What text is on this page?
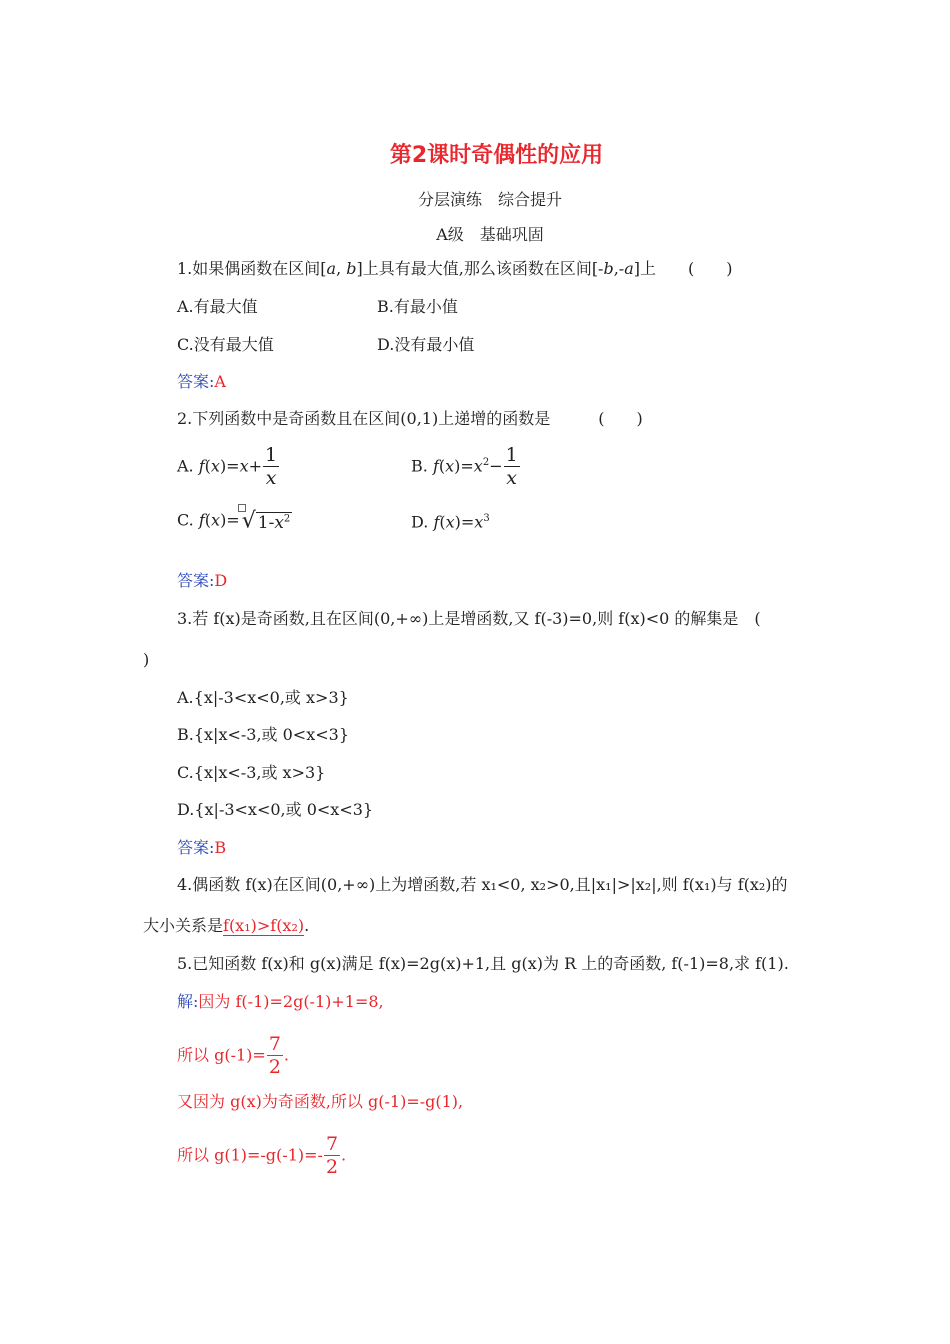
第2课时奇偶性的应用
分层演练　综合提升
A级　基础巩固
1.如果偶函数在区间[a, b]上具有最大值,那么该函数在区间[-b,-a]上　　(　　)
A.有最大值	B.有最小值
C.没有最大值	D.没有最小值
答案:A
2.下列函数中是奇函数且在区间(0,1)上递增的函数是　　　(　　)
A. $f(x)=x+ \frac{1}{x}$	B. $f(x)=x^2- \frac{1}{x}$
C. f(x)=
√ $1-x^2$	D. $f(x)=x^3$
答案:D
3.若 f(x)是奇函数,且在区间(0,+∞)上是增函数,又 f(-3)=0,则 f(x)<0 的解集是　(
)
A.{x|-3<x<0,或 x>3}
B.{x|x<-3,或 0<x<3}
C.{x|x<-3,或 x>3}
D.{x|-3<x<0,或 0<x<3}
答案:B
4.偶函数 f(x)在区间(0,+∞)上为增函数,若 x₁<0, x₂>0,且|x₁|>|x₂|,则 f(x₁)与 f(x₂)的
大小关系是f(x₁)>f(x₂).
5.已知函数 f(x)和 g(x)满足 f(x)=2g(x)+1,且 g(x)为 R 上的奇函数, f(-1)=8,求 f(1).
解:因为 f(-1)=2g(-1)+1=8,
所以 $g(-1)= \frac{7}{2}$ .
又因为 g(x)为奇函数,所以 g(-1)=-g(1),
所以 $g(1)=-g(-1)=- \frac{7}{2}$ .
